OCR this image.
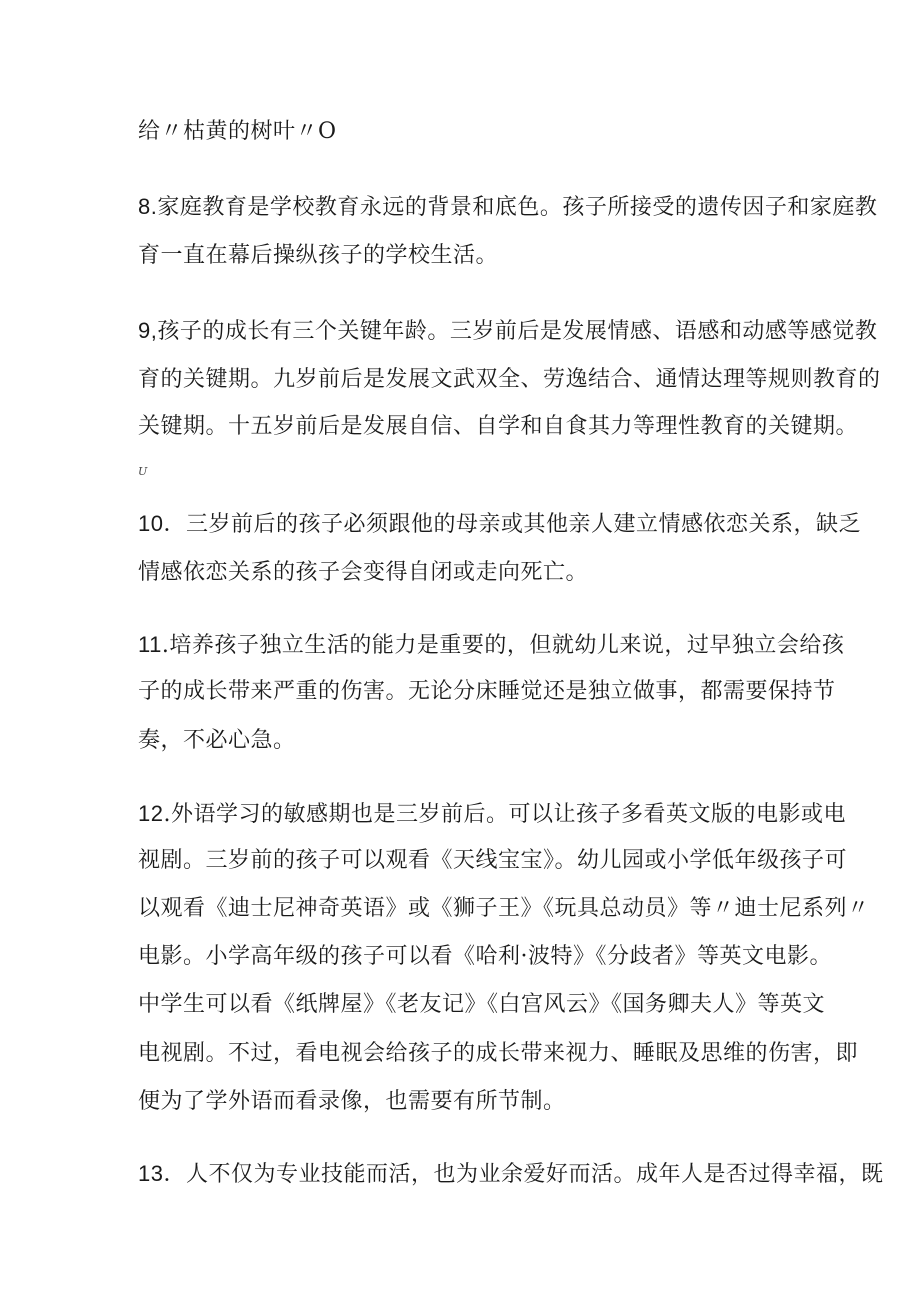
给〃枯黄的树叶〃O
8.家庭教育是学校教育永远的背景和底色。孩子所接受的遗传因子和家庭教
育一直在幕后操纵孩子的学校生活。
9,孩子的成长有三个关键年龄。三岁前后是发展情感、语感和动感等感觉教
育的关键期。九岁前后是发展文武双全、劳逸结合、通情达理等规则教育的
关键期。十五岁前后是发展自信、自学和自食其力等理性教育的关键期。
U
10．三岁前后的孩子必须跟他的母亲或其他亲人建立情感依恋关系，缺乏
情感依恋关系的孩子会变得自闭或走向死亡。
11.培养孩子独立生活的能力是重要的，但就幼儿来说，过早独立会给孩
子的成长带来严重的伤害。无论分床睡觉还是独立做事，都需要保持节
奏，不必心急。
12.外语学习的敏感期也是三岁前后。可以让孩子多看英文版的电影或电
视剧。三岁前的孩子可以观看《天线宝宝》。幼儿园或小学低年级孩子可
以观看《迪士尼神奇英语》或《狮子王》《玩具总动员》等〃迪士尼系列〃
电影。小学高年级的孩子可以看《哈利·波特》《分歧者》等英文电影。
中学生可以看《纸牌屋》《老友记》《白宫风云》《国务卿夫人》等英文
电视剧。不过，看电视会给孩子的成长带来视力、睡眠及思维的伤害，即
便为了学外语而看录像，也需要有所节制。
13．人不仅为专业技能而活，也为业余爱好而活。成年人是否过得幸福，既
